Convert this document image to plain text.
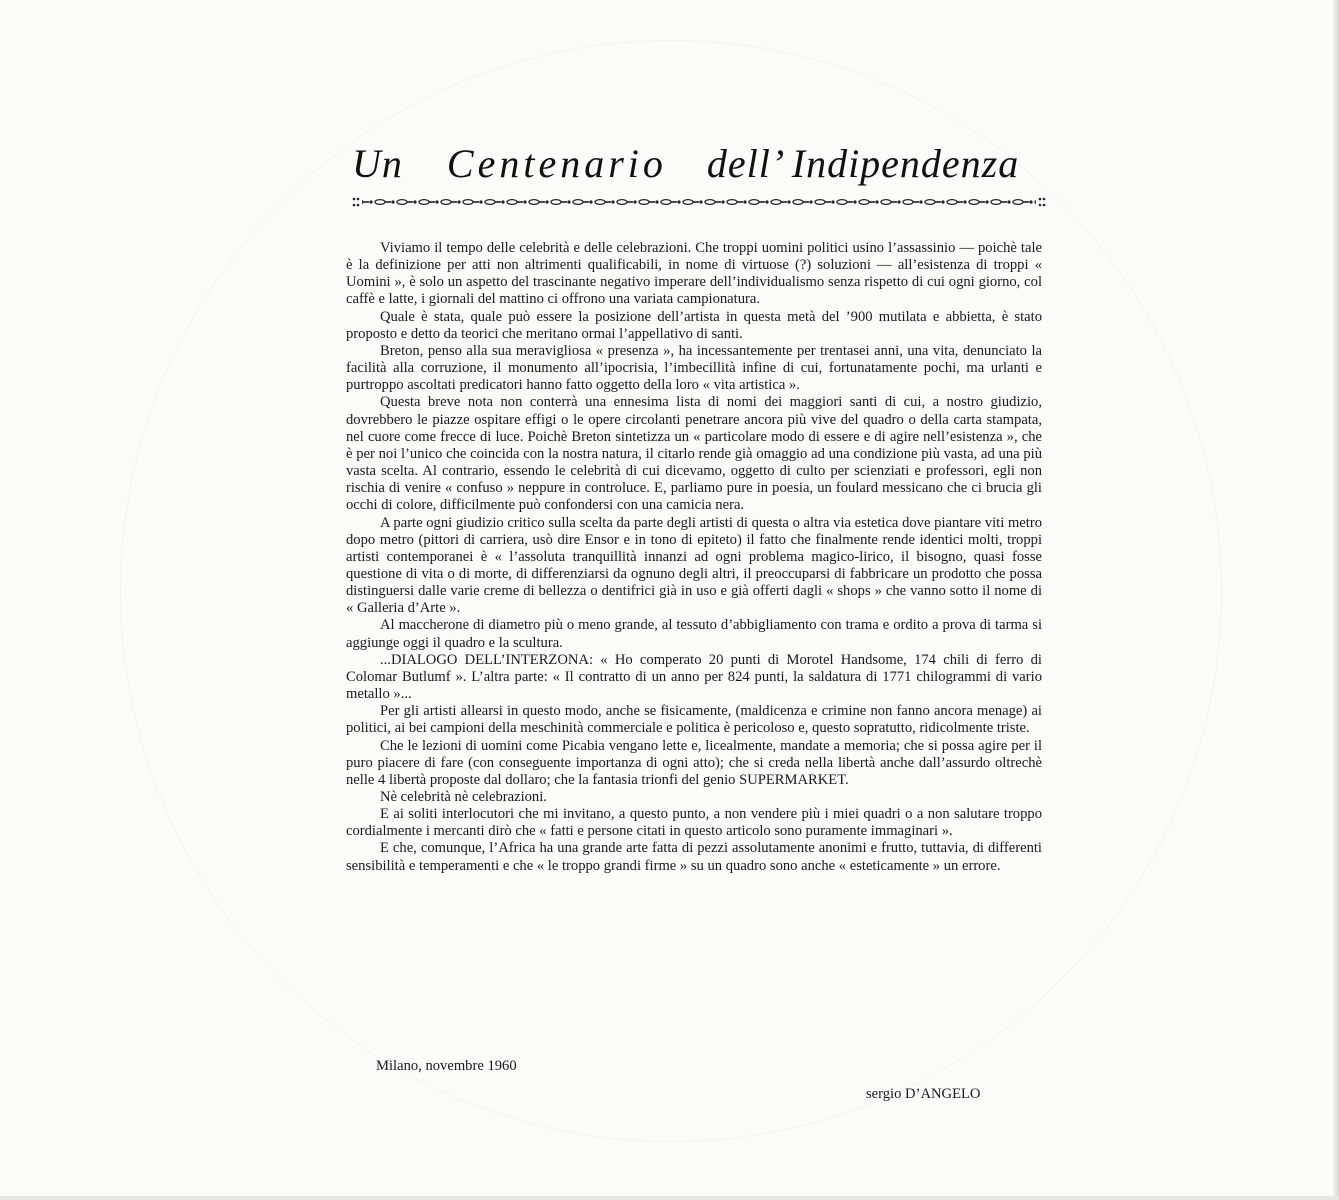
Un Centenario dell’ Indipendenza

Viviamo il tempo delle celebrità e delle celebrazioni. Che troppi uomini politici usino l’assassinio — poichè tale è la definizione per atti non altrimenti qualificabili, in nome di virtuose (?) soluzioni — all’esistenza di troppi « Uomini », è solo un aspetto del trascinante negativo imperare dell’individualismo senza rispetto di cui ogni giorno, col caffè e latte, i giornali del mattino ci offrono una variata campionatura.

Quale è stata, quale può essere la posizione dell’artista in questa metà del ’900 mutilata e abbietta, è stato proposto e detto da teorici che meritano ormai l’appellativo di santi.

Breton, penso alla sua meravigliosa « presenza », ha incessantemente per trentasei anni, una vita, denunciato la facilità alla corruzione, il monumento all’ipocrisia, l’imbecillità infine di cui, fortunatamente pochi, ma urlanti e purtroppo ascoltati predicatori hanno fatto oggetto della loro « vita artistica ».

Questa breve nota non conterrà una ennesima lista di nomi dei maggiori santi di cui, a nostro giudizio, dovrebbero le piazze ospitare effigi o le opere circolanti penetrare ancora più vive del quadro o della carta stampata, nel cuore come frecce di luce. Poichè Breton sintetizza un « particolare modo di essere e di agire nell’esistenza », che è per noi l’unico che coincida con la nostra natura, il citarlo rende già omaggio ad una condizione più vasta, ad una più vasta scelta. Al contrario, essendo le celebrità di cui dicevamo, oggetto di culto per scienziati e professori, egli non rischia di venire « confuso » neppure in controluce. E, parliamo pure in poesia, un foulard messicano che ci brucia gli occhi di colore, difficilmente può confondersi con una camicia nera.

A parte ogni giudizio critico sulla scelta da parte degli artisti di questa o altra via estetica dove piantare viti metro dopo metro (pittori di carriera, usò dire Ensor e in tono di epiteto) il fatto che finalmente rende identici molti, troppi artisti contemporanei è « l’assoluta tranquillità innanzi ad ogni problema magico-lirico, il bisogno, quasi fosse questione di vita o di morte, di differenziarsi da ognuno degli altri, il preoccuparsi di fabbricare un prodotto che possa distinguersi dalle varie creme di bellezza o dentifrici già in uso e già offerti dagli « shops » che vanno sotto il nome di « Galleria d’Arte ».

Al maccherone di diametro più o meno grande, al tessuto d’abbigliamento con trama e ordito a prova di tarma si aggiunge oggi il quadro e la scultura.

...DIALOGO DELL’INTERZONA: « Ho comperato 20 punti di Morotel Handsome, 174 chili di ferro di Colomar Butlumf ». L’altra parte: « Il contratto di un anno per 824 punti, la saldatura di 1771 chilogrammi di vario metallo »...

Per gli artisti allearsi in questo modo, anche se fisicamente, (maldicenza e crimine non fanno ancora menage) ai politici, ai bei campioni della meschinità commerciale e politica è pericoloso e, questo sopratutto, ridicolmente triste.

Che le lezioni di uomini come Picabia vengano lette e, licealmente, mandate a memoria; che si possa agire per il puro piacere di fare (con conseguente importanza di ogni atto); che si creda nella libertà anche dall’assurdo oltrechè nelle 4 libertà proposte dal dollaro; che la fantasia trionfi del genio SUPERMARKET.

Nè celebrità nè celebrazioni.

E ai soliti interlocutori che mi invitano, a questo punto, a non vendere più i miei quadri o a non salutare troppo cordialmente i mercanti dirò che « fatti e persone citati in questo articolo sono puramente immaginari ».

E che, comunque, l’Africa ha una grande arte fatta di pezzi assolutamente anonimi e frutto, tuttavia, di differenti sensibilità e temperamenti e che « le troppo grandi firme » su un quadro sono anche « esteticamente » un errore.

Milano, novembre 1960
sergio D’ANGELO
